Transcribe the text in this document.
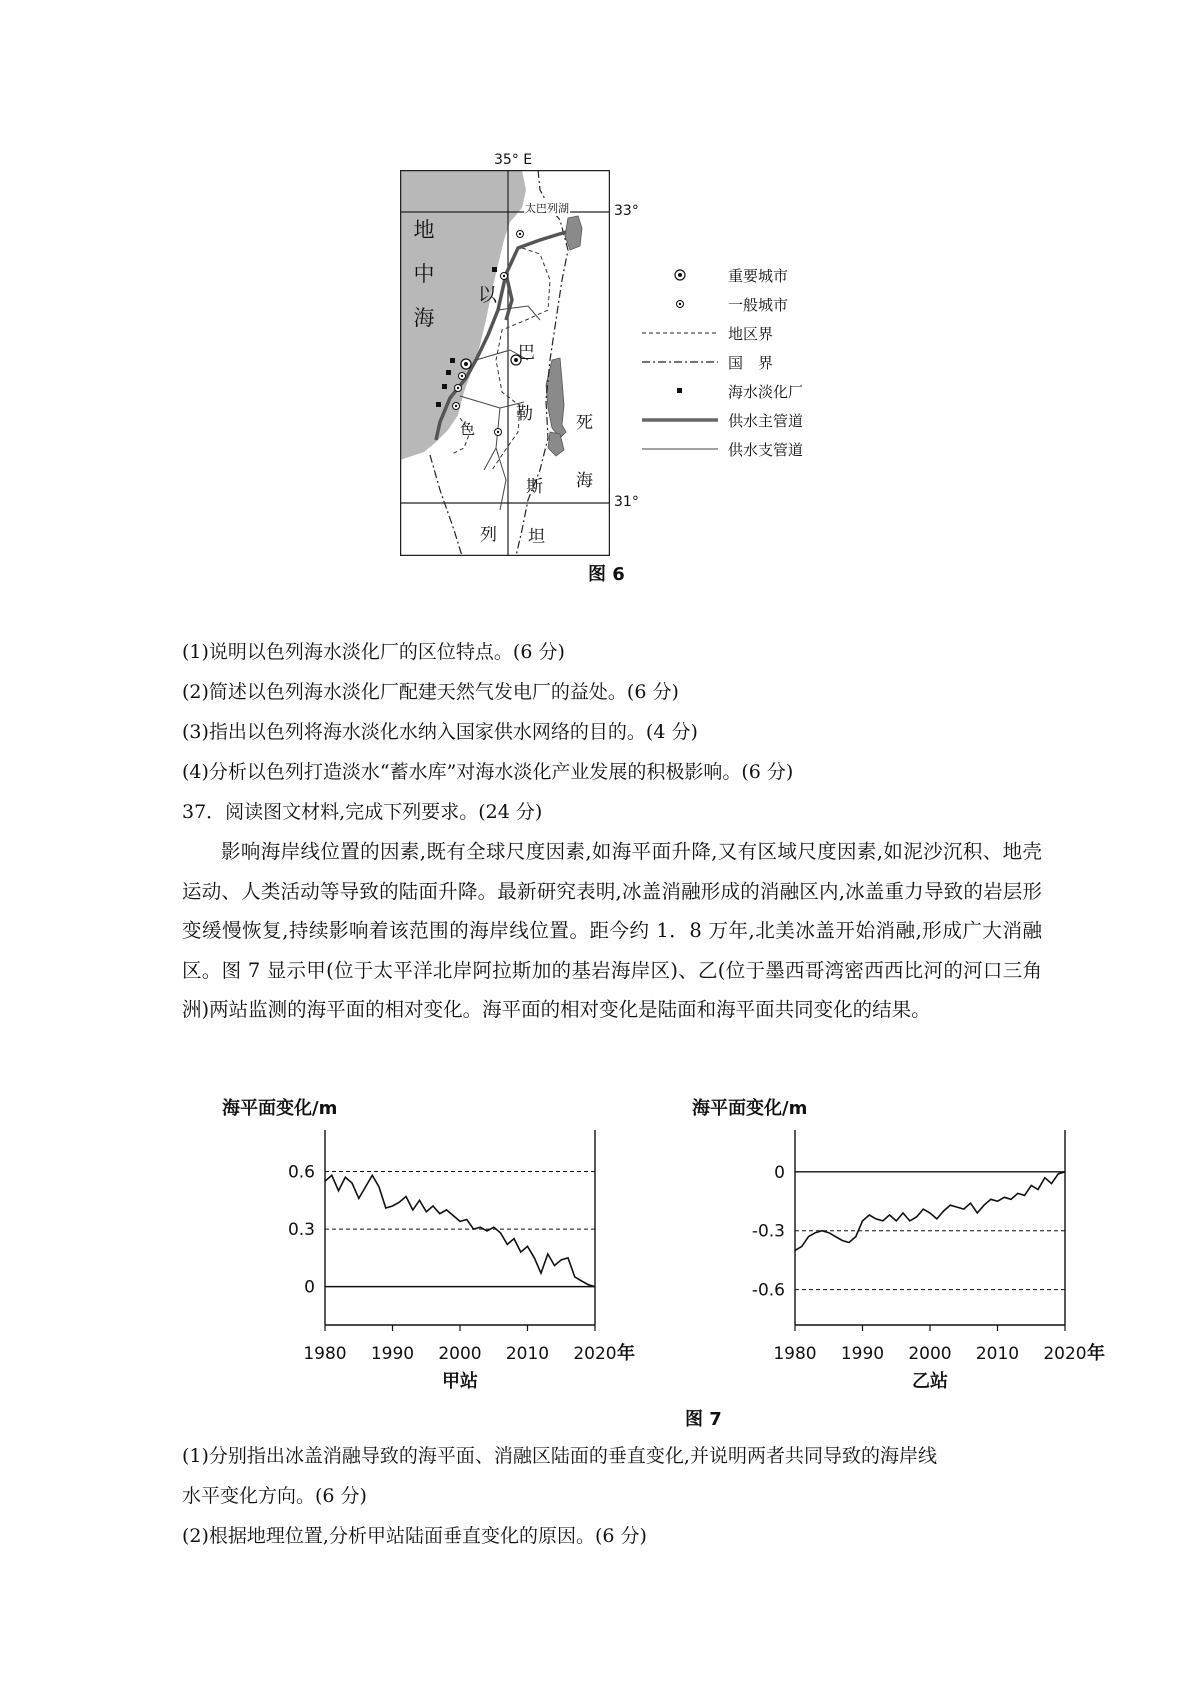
太巴列湖
地
中
海
以
色
列
巴
勒
斯
坦
死
海
35° E
33°
31°
图 6
重要城市
一般城市
地区界
国　界
海水淡化厂
供水主管道
供水支管道
(1)说明以色列海水淡化厂的区位特点。(6 分)
(2)简述以色列海水淡化厂配建天然气发电厂的益处。(6 分)
(3)指出以色列将海水淡化水纳入国家供水网络的目的。(4 分)
(4)分析以色列打造淡水“蓄水库”对海水淡化产业发展的积极影响。(6 分)
37．阅读图文材料,完成下列要求。(24 分)

影响海岸线位置的因素,既有全球尺度因素,如海平面升降,又有区域尺度因素,如泥沙沉积、地壳运动、人类活动等导致的陆面升降。最新研究表明,冰盖消融形成的消融区内,冰盖重力导致的岩层形变缓慢恢复,持续影响着该范围的海岸线位置。距今约 1．8 万年,北美冰盖开始消融,形成广大消融区。图 7 显示甲(位于太平洋北岸阿拉斯加的基岩海岸区)、乙(位于墨西哥湾密西西比河的河口三角洲)两站监测的海平面的相对变化。海平面的相对变化是陆面和海平面共同变化的结果。

海平面变化/m
0.6
0.3
0
1980 1990 2000 2010 2020 年
甲站
海平面变化/m
0
-0.3
-0.6
1980 1990 2000 2010 2020 年
乙站
图 7
(1)分别指出冰盖消融导致的海平面、消融区陆面的垂直变化,并说明两者共同导致的海岸线
水平变化方向。(6 分)
(2)根据地理位置,分析甲站陆面垂直变化的原因。(6 分)
